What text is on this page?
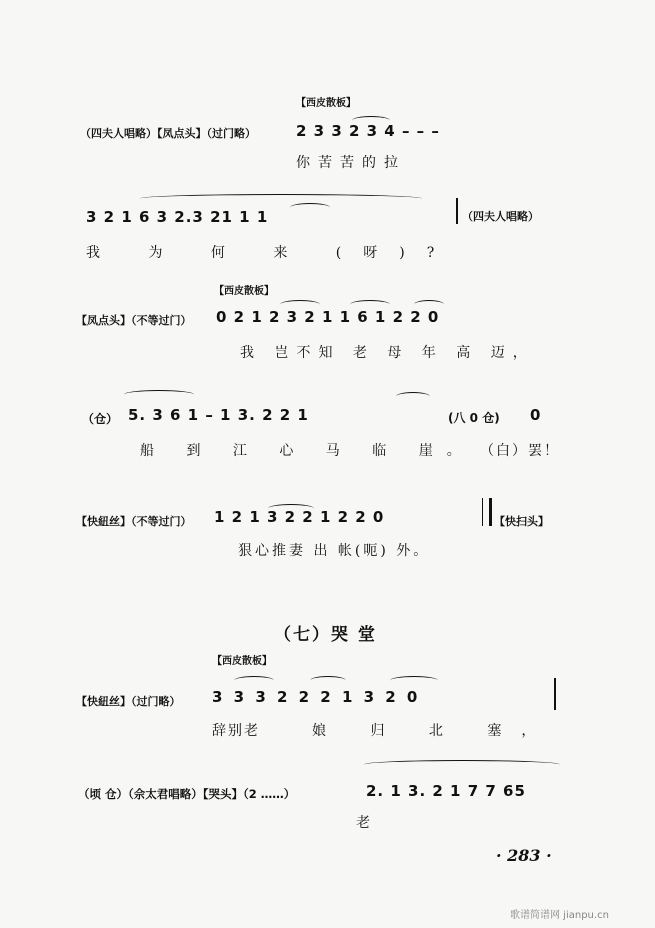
【西皮散板】
（四夫人唱略）【凤点头】（过门略）	2 3 3 2 3 4 – – –
你苦苦的拉
3 2 1 6 3 2.3 21 1 1	（四夫人唱略）
我 为 何 来 (呀)?
【西皮散板】
【凤点头】（不等过门） 0 2 1 2 3 2 1 1 6 1 2 2 0
我 岂不知 老 母 年 高 迈，
（仓） 5. 3 6 1 – 1 3. 2 2 1	(八 0 仓) 0
船 到 江 心 马 临 崖。 （白）罢！
【快紐丝】（不等过门） 1 2 1 3 2 2 1 2 2 0	【快扫头】
狠心推妻 出 帐(呃) 外。
（七）哭 堂
【西皮散板】
【快紐丝】（过门略） 3 3 3 2 2 2 1 3 2 0
辞别老	娘 归 北 塞，
（顷 仓）（佘太君唱略）【哭头】（2 ……）	2. 1 3. 2 1 7 7 65
老
· 283 ·
歌谱简谱网 jianpu.cn
